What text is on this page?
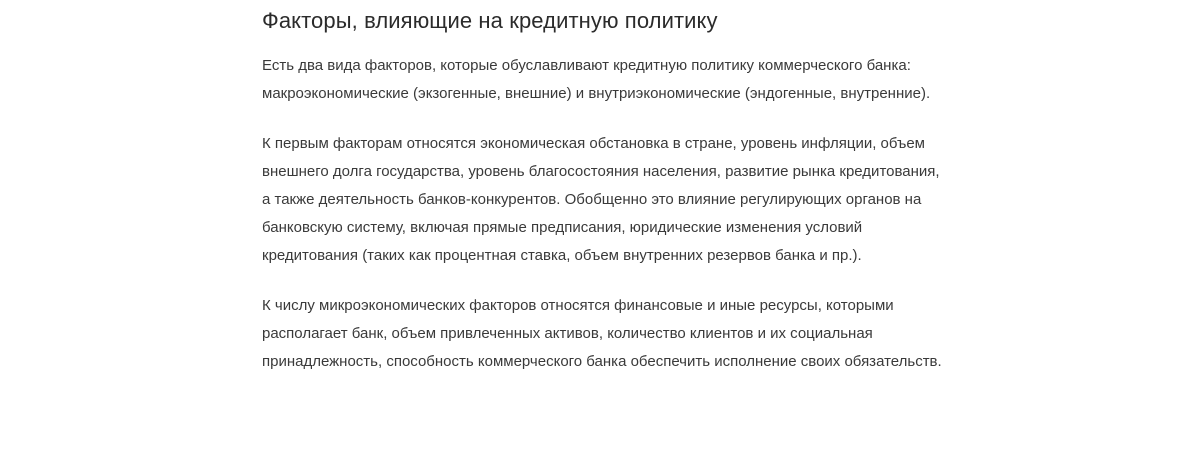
Факторы, влияющие на кредитную политику

Есть два вида факторов, которые обуславливают кредитную политику коммерческого банка: макроэкономические (экзогенные, внешние) и внутриэкономические (эндогенные, внутренние).

К первым факторам относятся экономическая обстановка в стране, уровень инфляции, объем внешнего долга государства, уровень благосостояния населения, развитие рынка кредитования, а также деятельность банков-конкурентов. Обобщенно это влияние регулирующих органов на банковскую систему, включая прямые предписания, юридические изменения условий кредитования (таких как процентная ставка, объем внутренних резервов банка и пр.).

К числу микроэкономических факторов относятся финансовые и иные ресурсы, которыми располагает банк, объем привлеченных активов, количество клиентов и их социальная принадлежность, способность коммерческого банка обеспечить исполнение своих обязательств.
